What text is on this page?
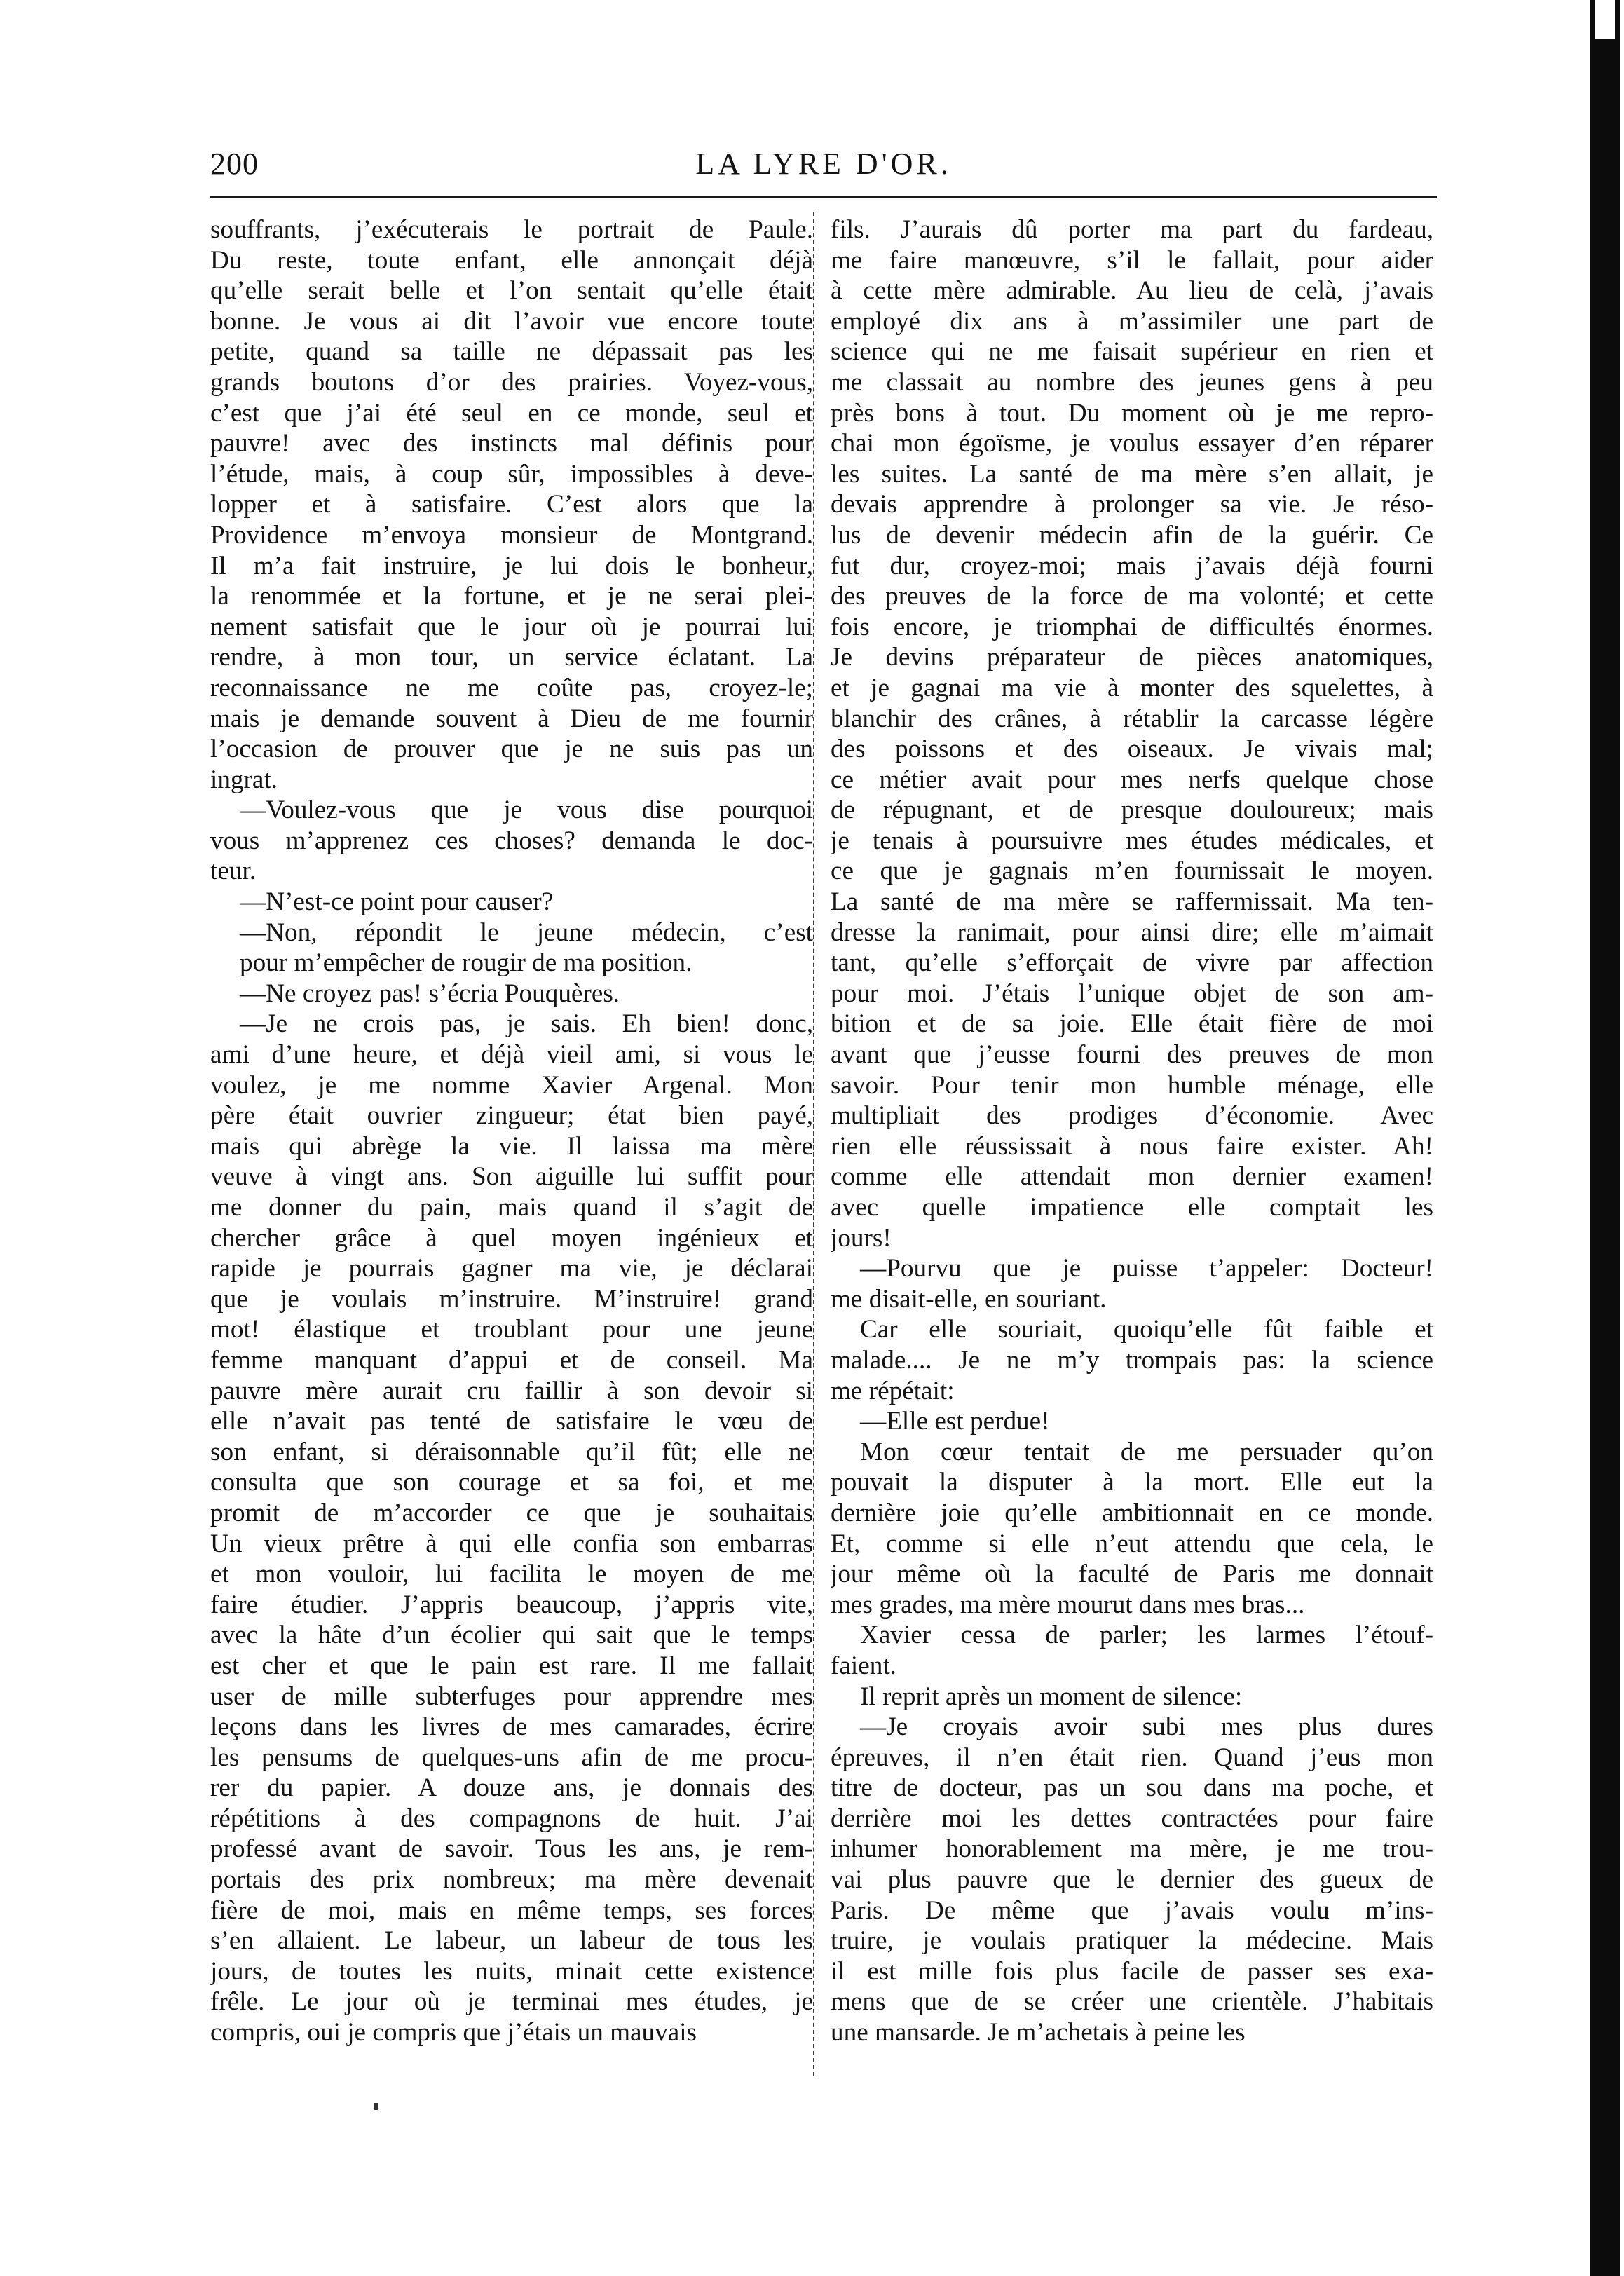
200	LA LYRE D'OR.
souffrants, j’exécuterais le portrait de Paule.
Du reste, toute enfant, elle annonçait déjà
qu’elle serait belle et l’on sentait qu’elle était
bonne. Je vous ai dit l’avoir vue encore toute
petite, quand sa taille ne dépassait pas les
grands boutons d’or des prairies. Voyez-vous,
c’est que j’ai été seul en ce monde, seul et
pauvre! avec des instincts mal définis pour
l’étude, mais, à coup sûr, impossibles à deve-
lopper et à satisfaire. C’est alors que la
Providence m’envoya monsieur de Montgrand.
Il m’a fait instruire, je lui dois le bonheur,
la renommée et la fortune, et je ne serai plei-
nement satisfait que le jour où je pourrai lui
rendre, à mon tour, un service éclatant. La
reconnaissance ne me coûte pas, croyez-le;
mais je demande souvent à Dieu de me fournir
l’occasion de prouver que je ne suis pas un
ingrat.
—Voulez-vous que je vous dise pourquoi
vous m’apprenez ces choses? demanda le doc-
teur.
—N’est-ce point pour causer?
—Non, répondit le jeune médecin, c’est
pour m’empêcher de rougir de ma position.
—Ne croyez pas! s’écria Pouquères.
—Je ne crois pas, je sais. Eh bien! donc,
ami d’une heure, et déjà vieil ami, si vous le
voulez, je me nomme Xavier Argenal. Mon
père était ouvrier zingueur; état bien payé,
mais qui abrège la vie. Il laissa ma mère
veuve à vingt ans. Son aiguille lui suffit pour
me donner du pain, mais quand il s’agit de
chercher grâce à quel moyen ingénieux et
rapide je pourrais gagner ma vie, je déclarai
que je voulais m’instruire. M’instruire! grand
mot! élastique et troublant pour une jeune
femme manquant d’appui et de conseil. Ma
pauvre mère aurait cru faillir à son devoir si
elle n’avait pas tenté de satisfaire le vœu de
son enfant, si déraisonnable qu’il fût; elle ne
consulta que son courage et sa foi, et me
promit de m’accorder ce que je souhaitais
Un vieux prêtre à qui elle confia son embarras
et mon vouloir, lui facilita le moyen de me
faire étudier. J’appris beaucoup, j’appris vite,
avec la hâte d’un écolier qui sait que le temps
est cher et que le pain est rare. Il me fallait
user de mille subterfuges pour apprendre mes
leçons dans les livres de mes camarades, écrire
les pensums de quelques-uns afin de me procu-
rer du papier. A douze ans, je donnais des
répétitions à des compagnons de huit. J’ai
professé avant de savoir. Tous les ans, je rem-
portais des prix nombreux; ma mère devenait
fière de moi, mais en même temps, ses forces
s’en allaient. Le labeur, un labeur de tous les
jours, de toutes les nuits, minait cette existence
frêle. Le jour où je terminai mes études, je
compris, oui je compris que j’étais un mauvais
fils. J’aurais dû porter ma part du fardeau,
me faire manœuvre, s’il le fallait, pour aider
à cette mère admirable. Au lieu de celà, j’avais
employé dix ans à m’assimiler une part de
science qui ne me faisait supérieur en rien et
me classait au nombre des jeunes gens à peu
près bons à tout. Du moment où je me repro-
chai mon égoïsme, je voulus essayer d’en réparer
les suites. La santé de ma mère s’en allait, je
devais apprendre à prolonger sa vie. Je réso-
lus de devenir médecin afin de la guérir. Ce
fut dur, croyez-moi; mais j’avais déjà fourni
des preuves de la force de ma volonté; et cette
fois encore, je triomphai de difficultés énormes.
Je devins préparateur de pièces anatomiques,
et je gagnai ma vie à monter des squelettes, à
blanchir des crânes, à rétablir la carcasse légère
des poissons et des oiseaux. Je vivais mal;
ce métier avait pour mes nerfs quelque chose
de répugnant, et de presque douloureux; mais
je tenais à poursuivre mes études médicales, et
ce que je gagnais m’en fournissait le moyen.
La santé de ma mère se raffermissait. Ma ten-
dresse la ranimait, pour ainsi dire; elle m’aimait
tant, qu’elle s’efforçait de vivre par affection
pour moi. J’étais l’unique objet de son am-
bition et de sa joie. Elle était fière de moi
avant que j’eusse fourni des preuves de mon
savoir. Pour tenir mon humble ménage, elle
multipliait des prodiges d’économie. Avec
rien elle réussissait à nous faire exister. Ah!
comme elle attendait mon dernier examen!
avec quelle impatience elle comptait les
jours!
—Pourvu que je puisse t’appeler: Docteur!
me disait-elle, en souriant.
Car elle souriait, quoiqu’elle fût faible et
malade.... Je ne m’y trompais pas: la science
me répétait:
—Elle est perdue!
Mon cœur tentait de me persuader qu’on
pouvait la disputer à la mort. Elle eut la
dernière joie qu’elle ambitionnait en ce monde.
Et, comme si elle n’eut attendu que cela, le
jour même où la faculté de Paris me donnait
mes grades, ma mère mourut dans mes bras...
Xavier cessa de parler; les larmes l’étouf-
faient.
Il reprit après un moment de silence:
—Je croyais avoir subi mes plus dures
épreuves, il n’en était rien. Quand j’eus mon
titre de docteur, pas un sou dans ma poche, et
derrière moi les dettes contractées pour faire
inhumer honorablement ma mère, je me trou-
vai plus pauvre que le dernier des gueux de
Paris. De même que j’avais voulu m’ins-
truire, je voulais pratiquer la médecine. Mais
il est mille fois plus facile de passer ses exa-
mens que de se créer une crientèle. J’habitais
une mansarde. Je m’achetais à peine les
